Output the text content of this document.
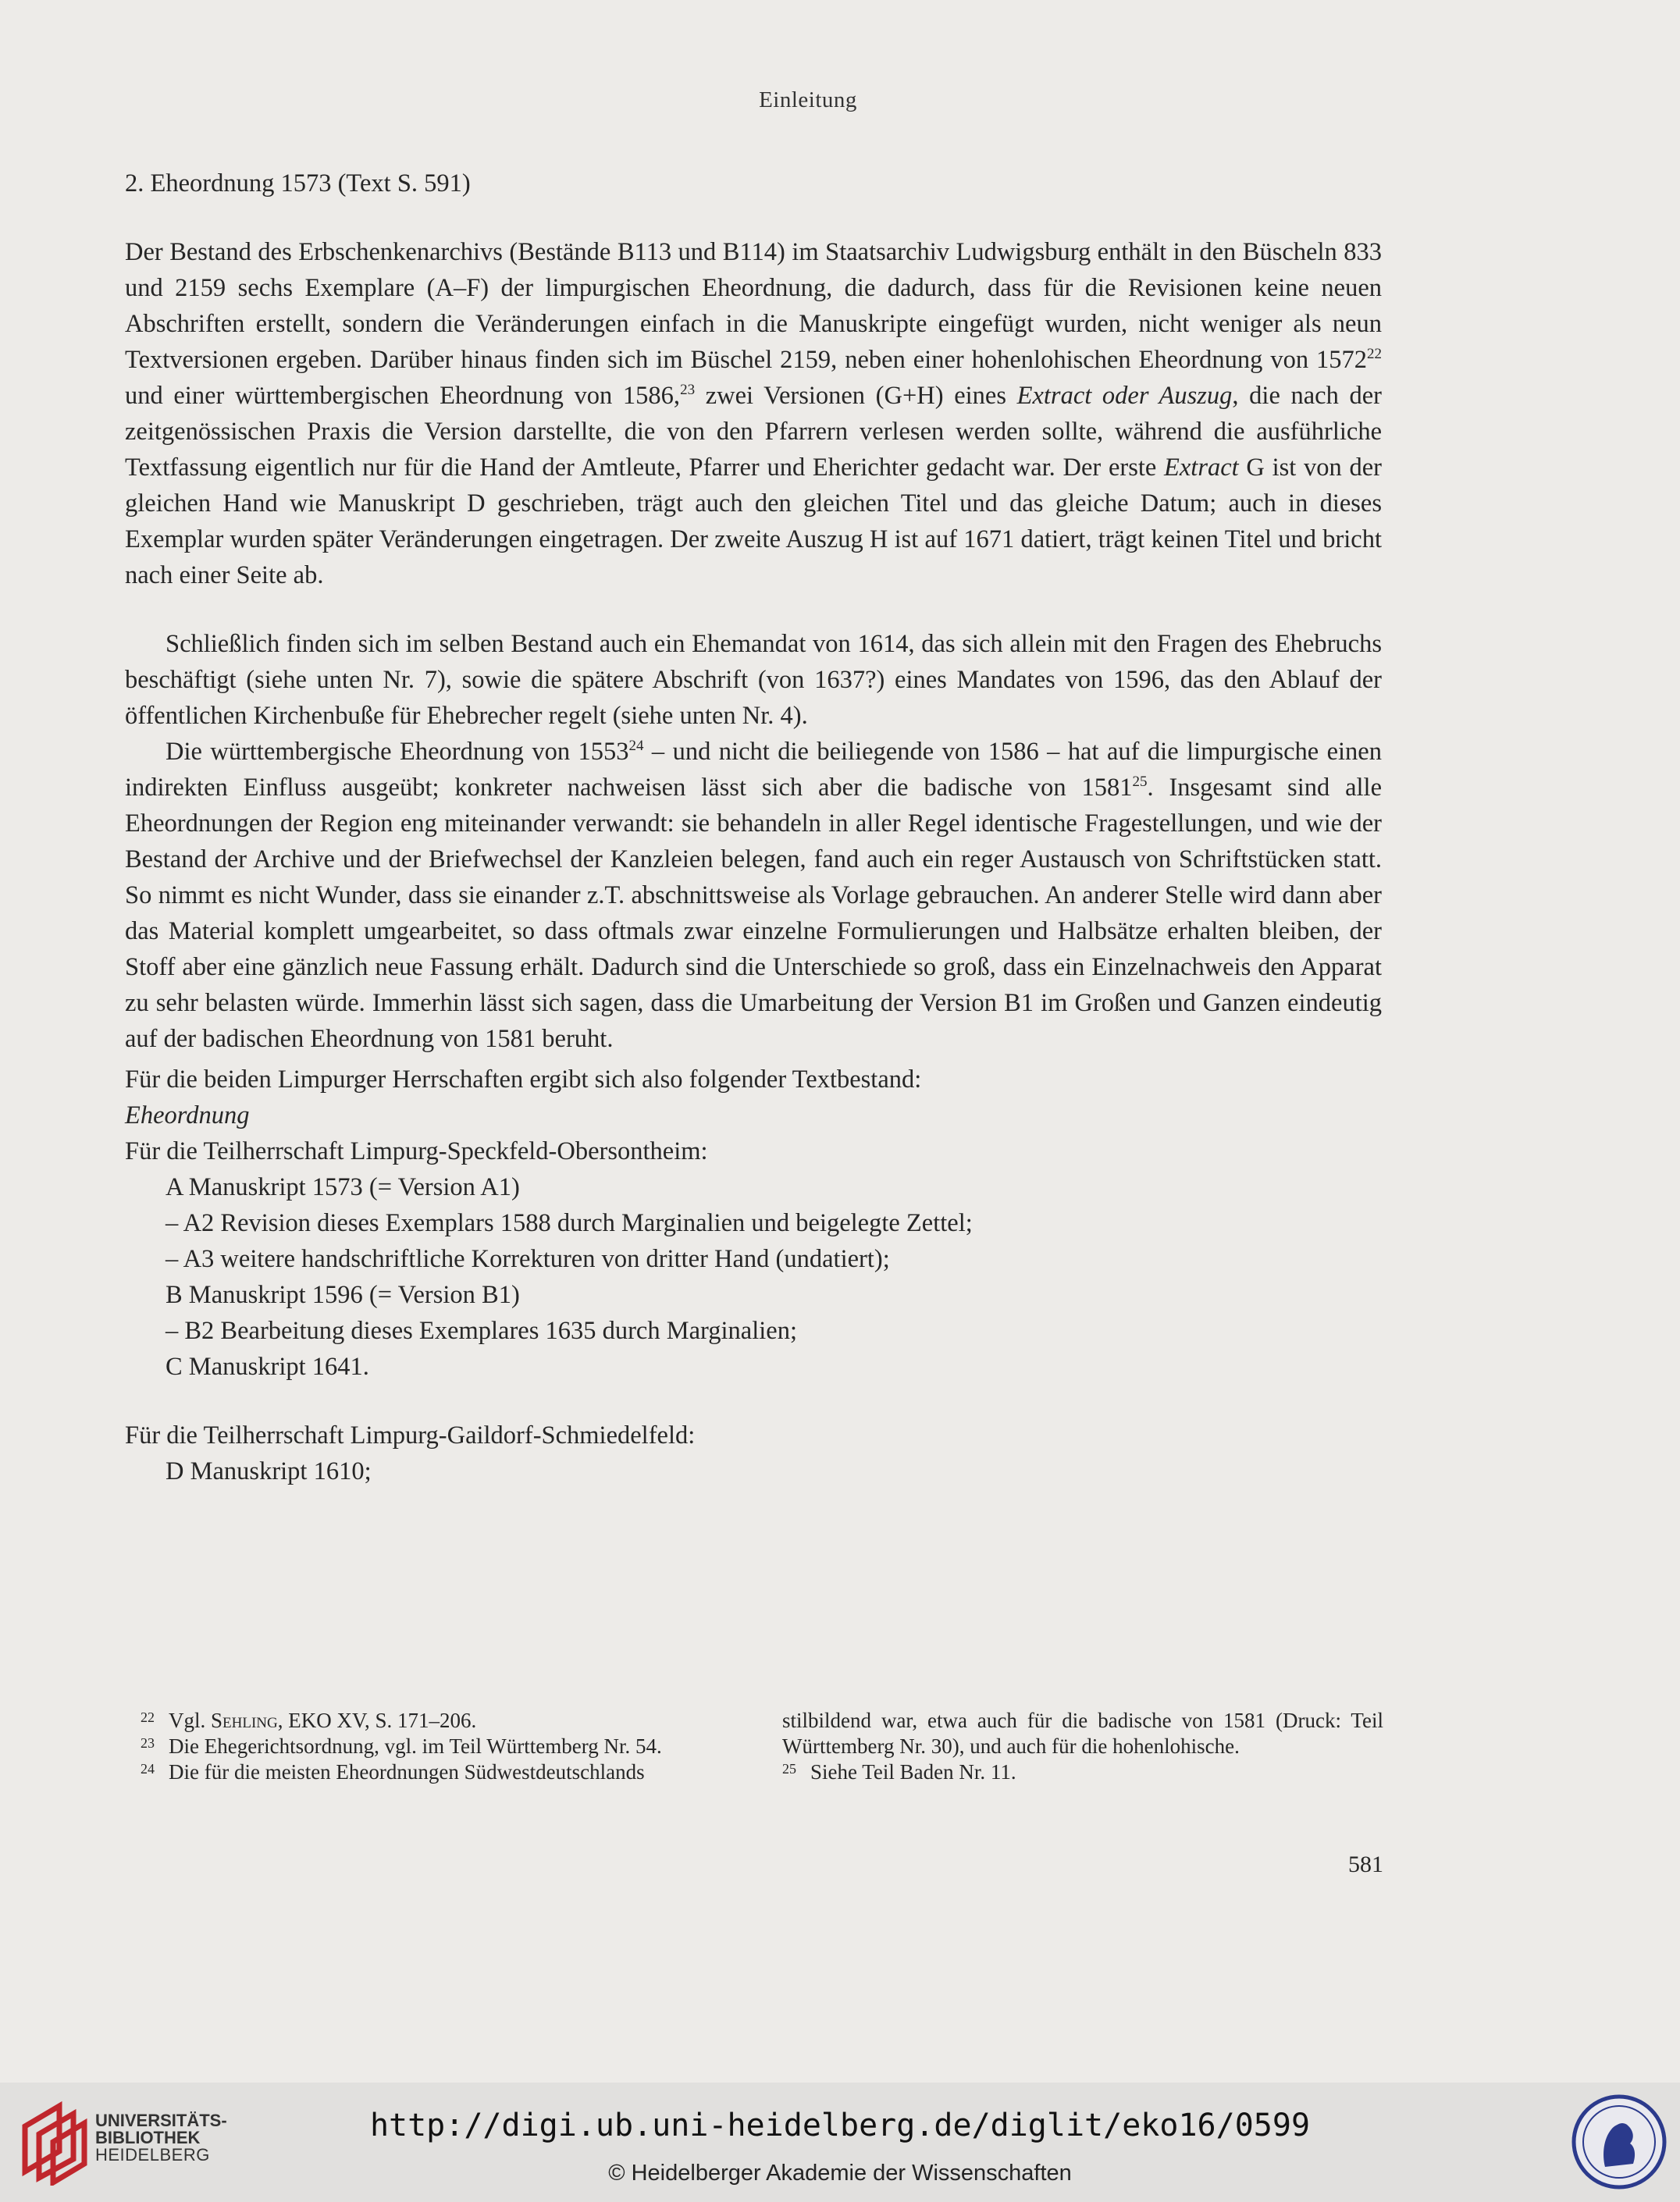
Einleitung

2. Eheordnung 1573 (Text S. 591)

Der Bestand des Erbschenkenarchivs (Bestände B113 und B114) im Staatsarchiv Ludwigsburg enthält in den Büscheln 833 und 2159 sechs Exemplare (A–F) der limpurgischen Eheordnung, die dadurch, dass für die Revisionen keine neuen Abschriften erstellt, sondern die Veränderungen einfach in die Manuskripte eingefügt wurden, nicht weniger als neun Textversionen ergeben. Darüber hinaus finden sich im Büschel 2159, neben einer hohenlohischen Eheordnung von 1572$^{22}$ und einer württembergischen Eheordnung von 1586,23 zwei Versionen (G+H) eines Extract oder Auszug, die nach der zeitgenössischen Praxis die Version darstellte, die von den Pfarrern verlesen werden sollte, während die ausführliche Textfassung eigentlich nur für die Hand der Amtleute, Pfarrer und Eherichter gedacht war. Der erste Extract G ist von der gleichen Hand wie Manuskript D geschrieben, trägt auch den gleichen Titel und das gleiche Datum; auch in dieses Exemplar wurden später Veränderungen eingetragen. Der zweite Auszug H ist auf 1671 datiert, trägt keinen Titel und bricht nach einer Seite ab.

Schließlich finden sich im selben Bestand auch ein Ehemandat von 1614, das sich allein mit den Fragen des Ehebruchs beschäftigt (siehe unten Nr. 7), sowie die spätere Abschrift (von 1637?) eines Mandates von 1596, das den Ablauf der öffentlichen Kirchenbuße für Ehebrecher regelt (siehe unten Nr. 4).

Die württembergische Eheordnung von 1553$^{24}$ – und nicht die beiliegende von 1586 – hat auf die limpurgische einen indirekten Einfluss ausgeübt; konkreter nachweisen lässt sich aber die badische von 1581$^{25}$. Insgesamt sind alle Eheordnungen der Region eng miteinander verwandt: sie behandeln in aller Regel identische Fragestellungen, und wie der Bestand der Archive und der Briefwechsel der Kanzleien belegen, fand auch ein reger Austausch von Schriftstücken statt. So nimmt es nicht Wunder, dass sie einander z.T. abschnittsweise als Vorlage gebrauchen. An anderer Stelle wird dann aber das Material komplett umgearbeitet, so dass oftmals zwar einzelne Formulierungen und Halbsätze erhalten bleiben, der Stoff aber eine gänzlich neue Fassung erhält. Dadurch sind die Unterschiede so groß, dass ein Einzelnachweis den Apparat zu sehr belasten würde. Immerhin lässt sich sagen, dass die Umarbeitung der Version B1 im Großen und Ganzen eindeutig auf der badischen Eheordnung von 1581 beruht.

Für die beiden Limpurger Herrschaften ergibt sich also folgender Textbestand:

Eheordnung

Für die Teilherrschaft Limpurg-Speckfeld-Obersontheim:

A Manuskript 1573 (= Version A1)
– A2 Revision dieses Exemplars 1588 durch Marginalien und beigelegte Zettel;
– A3 weitere handschriftliche Korrekturen von dritter Hand (undatiert);
B Manuskript 1596 (= Version B1)
– B2 Bearbeitung dieses Exemplares 1635 durch Marginalien;
C Manuskript 1641.

Für die Teilherrschaft Limpurg-Gaildorf-Schmiedelfeld:

D Manuskript 1610;
22 Vgl. Sehling, EKO XV, S. 171–206.
23 Die Ehegerichtsordnung, vgl. im Teil Württemberg Nr. 54.
24 Die für die meisten Eheordnungen Südwestdeutschlands
stilbildend war, etwa auch für die badische von 1581 (Druck: Teil Württemberg Nr. 30), und auch für die hohenlohische.
25 Siehe Teil Baden Nr. 11.
581
UNIVERSITÄTS-
BIBLIOTHEK
HEIDELBERG
http://digi.ub.uni-heidelberg.de/diglit/eko16/0599
© Heidelberger Akademie der Wissenschaften
